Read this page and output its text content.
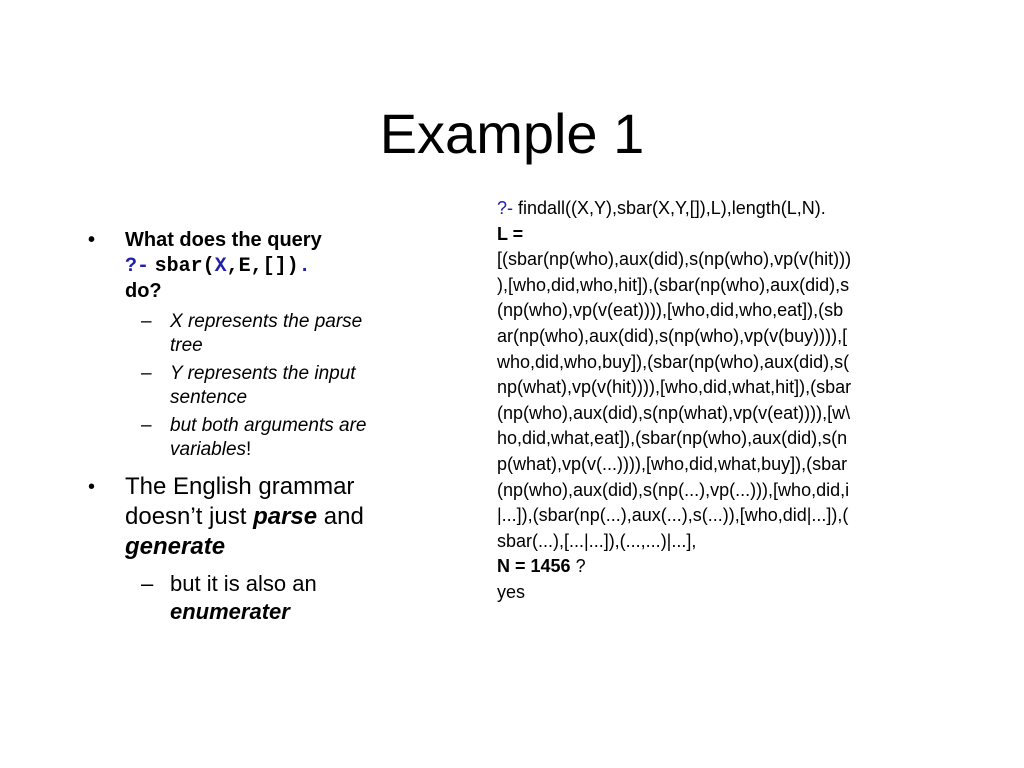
Example 1
• What does the query
?- sbar(X,E,[]).
do?
– X represents the parse tree
– Y represents the input sentence
– but both arguments are variables!
• The English grammar doesn’t just parse and generate
– but it is also an
enumerater
?- findall((X,Y),sbar(X,Y,[]),L),length(L,N).
L =
[(sbar(np(who),aux(did),s(np(who),vp(v(hit)))
),[who,did,who,hit]),(sbar(np(who),aux(did),s
(np(who),vp(v(eat)))),[who,did,who,eat]),(sb
ar(np(who),aux(did),s(np(who),vp(v(buy)))),[
who,did,who,buy]),(sbar(np(who),aux(did),s(
np(what),vp(v(hit)))),[who,did,what,hit]),(sbar
(np(who),aux(did),s(np(what),vp(v(eat)))),[w\
ho,did,what,eat]),(sbar(np(who),aux(did),s(n
p(what),vp(v(...)))),[who,did,what,buy]),(sbar
(np(who),aux(did),s(np(...),vp(...))),[who,did,i
|...]),(sbar(np(...),aux(...),s(...)),[who,did|...]),(
sbar(...),[...|...]),(...,...)|...],
N = 1456 ?
yes
